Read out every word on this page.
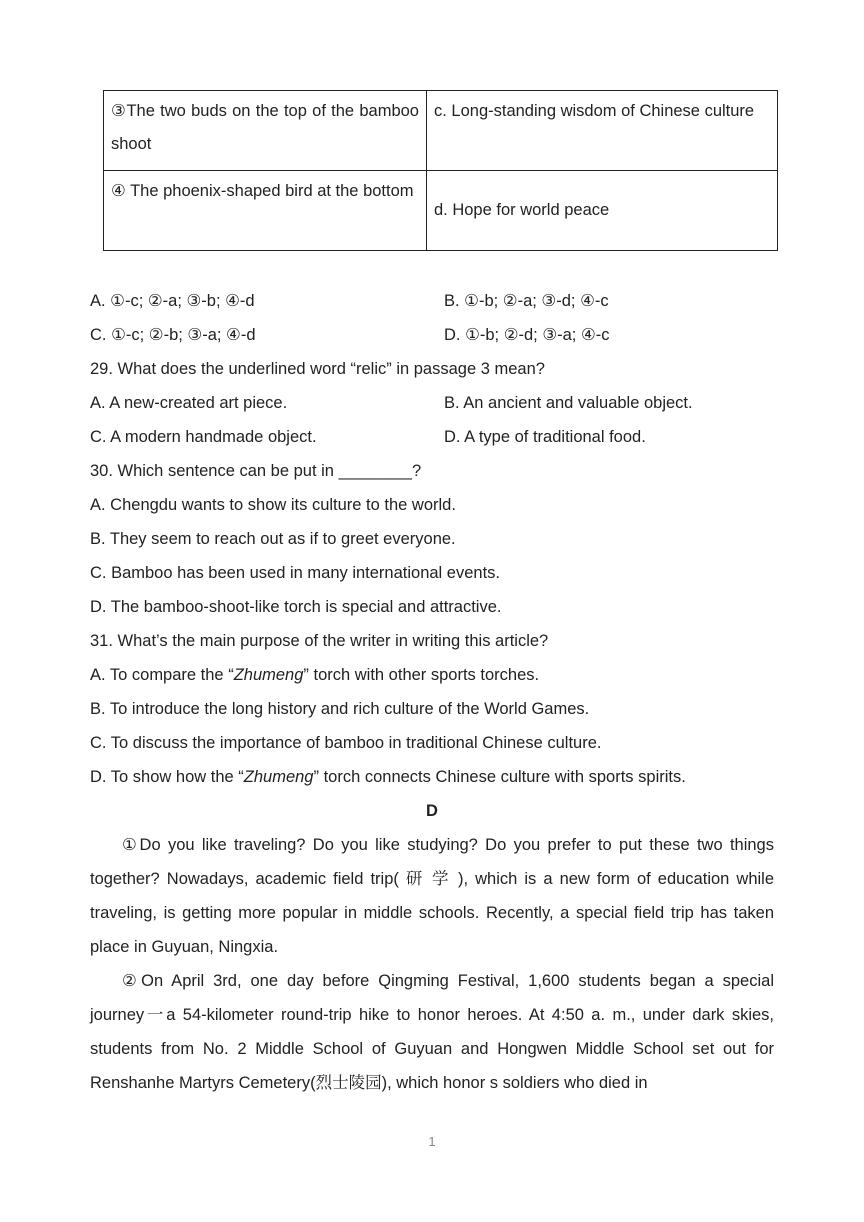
③The two buds on the top of the bamboo shoot	c. Long-standing wisdom of Chinese culture
④ The phoenix-shaped bird at the bottom	d. Hope for world peace
A. ①-c; ②-a; ③-b; ④-d	B. ①-b; ②-a; ③-d; ④-c
C. ①-c; ②-b; ③-a; ④-d	D. ①-b; ②-d; ③-a; ④-c
29. What does the underlined word “relic” in passage 3 mean?
A. A new-created art piece.	B. An ancient and valuable object.
C. A modern handmade object.	D. A type of traditional food.
30. Which sentence can be put in ________?
A. Chengdu wants to show its culture to the world.
B. They seem to reach out as if to greet everyone.
C. Bamboo has been used in many international events.
D. The bamboo-shoot-like torch is special and attractive.
31. What’s the main purpose of the writer in writing this article?
A. To compare the “Zhumeng” torch with other sports torches.
B. To introduce the long history and rich culture of the World Games.
C. To discuss the importance of bamboo in traditional Chinese culture.
D. To show how the “Zhumeng” torch connects Chinese culture with sports spirits.
D

①Do you like traveling? Do you like studying? Do you prefer to put these two things together? Nowadays, academic field trip( 研 学 ), which is a new form of education while traveling, is getting more popular in middle schools. Recently, a special field trip has taken place in Guyuan, Ningxia.

②On April 3rd, one day before Qingming Festival, 1,600 students began a special journey一a 54-kilometer round-trip hike to honor heroes. At 4:50 a. m., under dark skies, students from No. 2 Middle School of Guyuan and Hongwen Middle School set out for Renshanhe Martyrs Cemetery(烈士陵园), which honor s soldiers who died in

1
